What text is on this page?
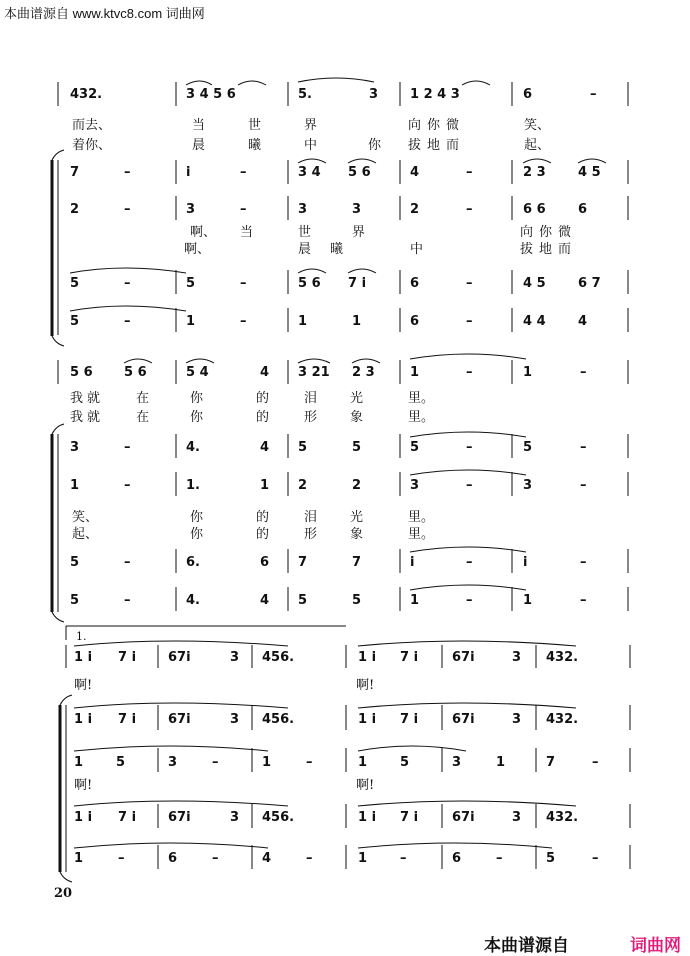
本曲谱源自 www.ktvc8.com 词曲网
432.	3 4 5 6	5.	3 1 2 4 3	6	–
而去、	当	世	界	向你微	笑、
着你、	晨	曦	中	你 拔地而	起、
7	–	i	–	3 4 5 6	4	–	2 3 4 5
2	–	3	–	3	3	2	–	6 6 6
啊、 当	世	界	向你微
啊、	晨 曦	中	拔地而
5	–	5	–	5 6 7 i	6	–	4 5 6 7
5	–	1	–	1	1	6	–	4 4 4
5 6 5 6	5 4	4 3 21 2 3	1	–	1	–
我就 在	你	的	泪	光	里。
我就 在	你	的	形	象	里。
3	–	4.	4 5	5	5	–	5	–
1	–	1.	1 2	2	3	–	3	–
笑、	你	的	泪	光	里。
起、	你	的	形	象	里。
5	–	6.	6 7	7	i	–	i	–
5	–	4.	4 5	5	1	–	1	–
1.
1 i 7 i 67i	3 456.	1 i 7 i	67i	3 432.
啊!	啊!
1 i 7 i 67i	3 456.	1 i 7 i	67i	3 432.
1	5	3	–	1	–	1	5	3	1	7	–
啊!	啊!
1 i 7 i 67i	3 456.	1 i 7 i	67i	3 432.
1	–	6	–	4	–	1	–	6	–	5	–
20
本曲谱源自	词曲网
